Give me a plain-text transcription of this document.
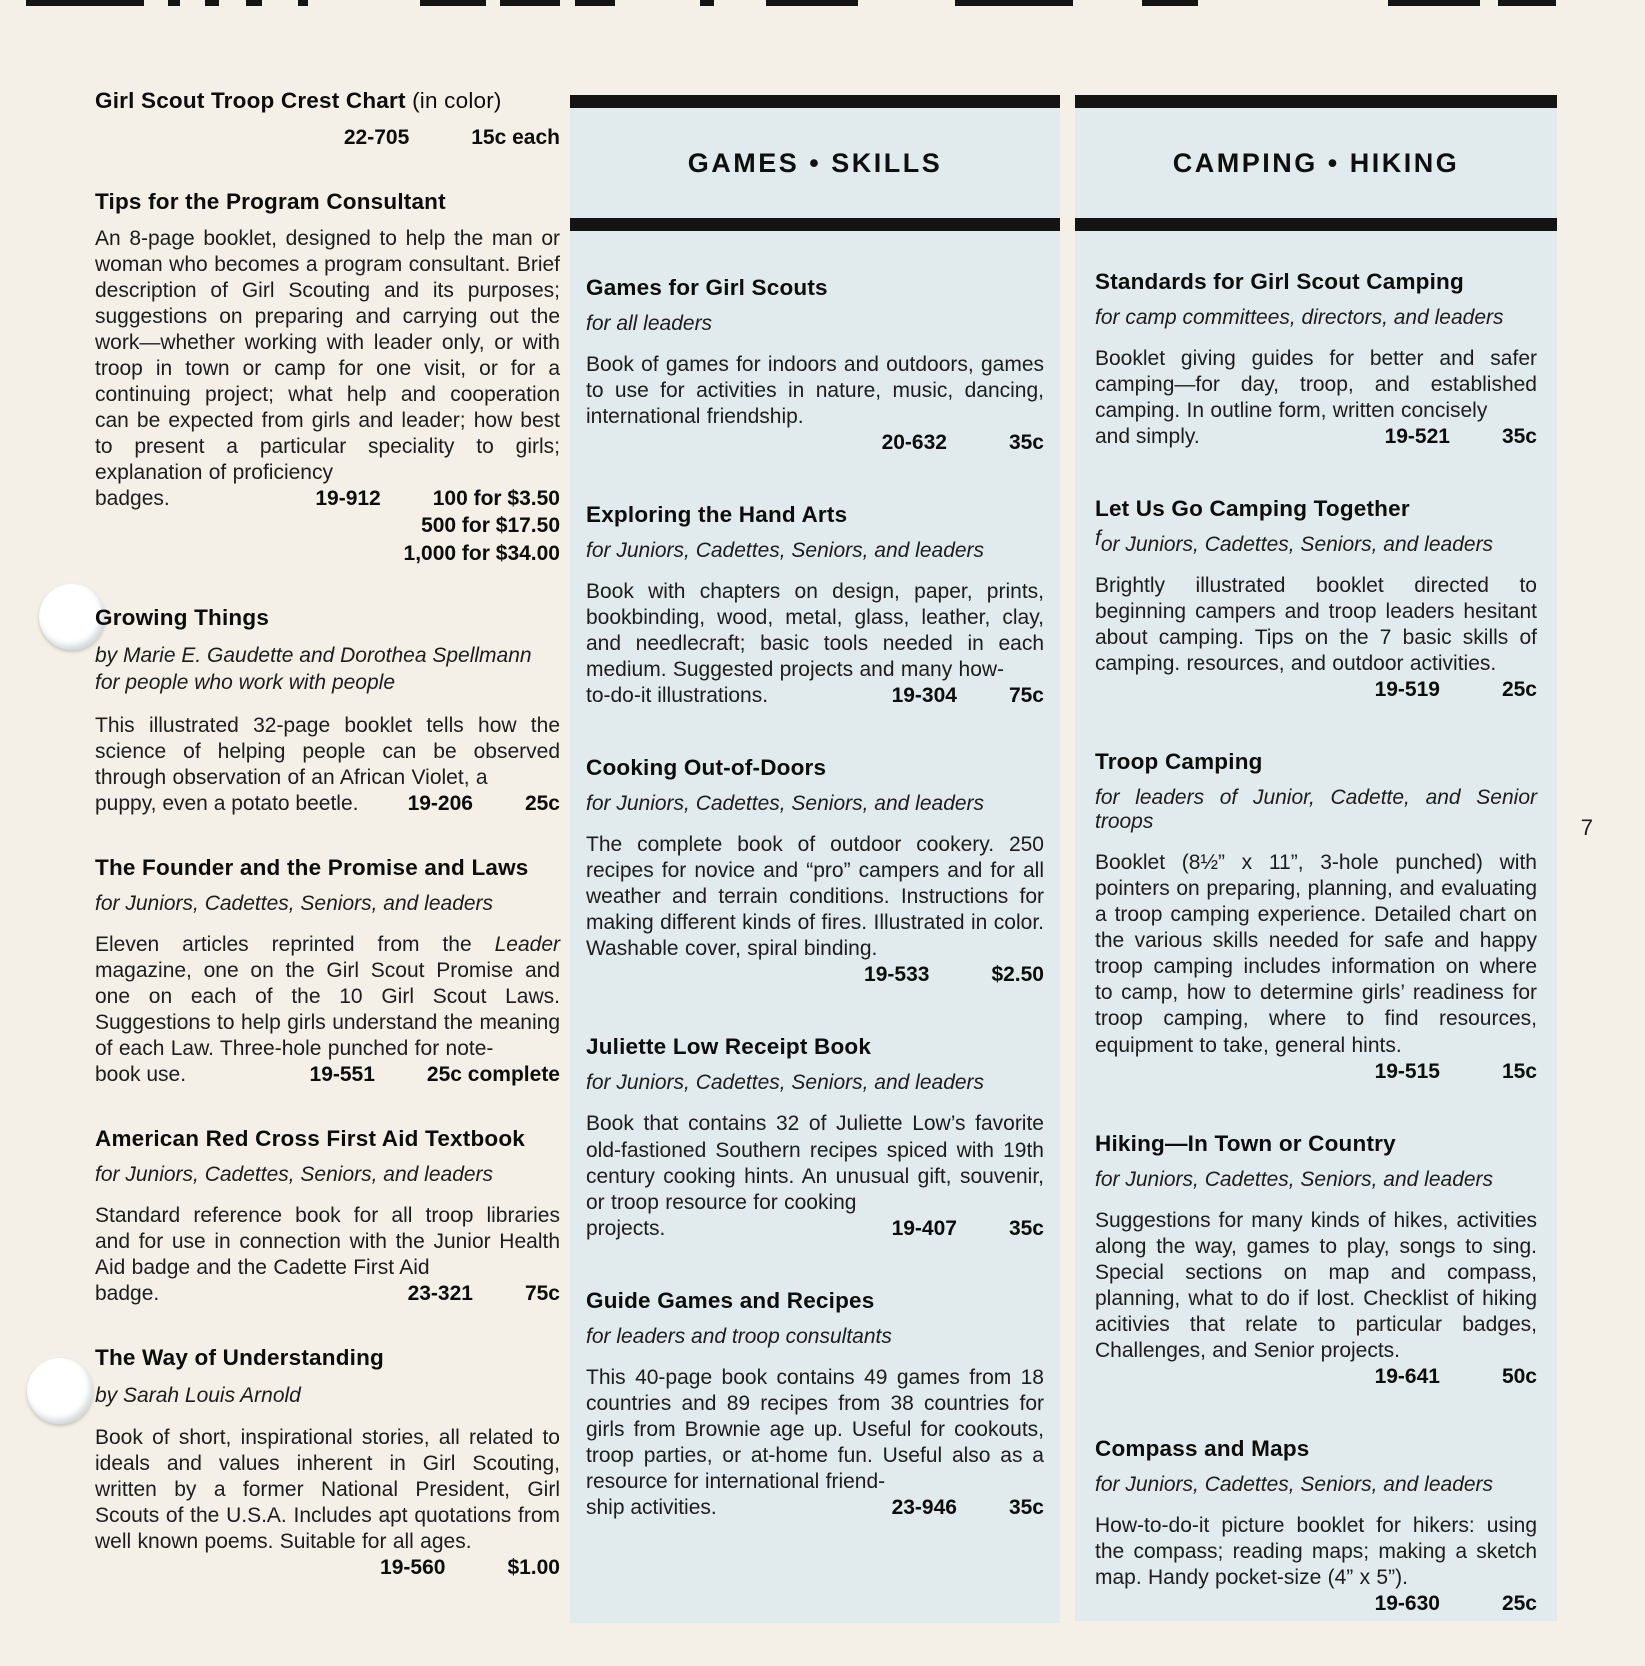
Girl Scout Troop Crest Chart (in color)
22-705	15c each
Tips for the Program Consultant

An 8-page booklet, designed to help the man or woman who becomes a program consultant. Brief description of Girl Scouting and its purposes; suggestions on preparing and carrying out the work—whether working with leader only, or with troop in town or camp for one visit, or for a continuing project; what help and cooperation can be expected from girls and leader; how best to present a particular speciality to girls; explanation of proficiency

badges.	19-912 100 for $3.50
500 for $17.50
1,000 for $34.00
Growing Things

by Marie E. Gaudette and Dorothea Spellmann

for people who work with people

This illustrated 32-page booklet tells how the science of helping people can be observed through observation of an African Violet, a

puppy, even a potato beetle. 19-206 25c
The Founder and the Promise and Laws

for Juniors, Cadettes, Seniors, and leaders

Eleven articles reprinted from the Leader magazine, one on the Girl Scout Promise and one on each of the 10 Girl Scout Laws. Suggestions to help girls understand the meaning of each Law. Three-hole punched for note-

book use.	19-551 25c complete
American Red Cross First Aid Textbook

for Juniors, Cadettes, Seniors, and leaders

Standard reference book for all troop libraries and for use in connection with the Junior Health Aid badge and the Cadette First Aid

badge.	23-321 75c
The Way of Understanding

by Sarah Louis Arnold

Book of short, inspirational stories, all related to ideals and values inherent in Girl Scouting, written by a former National President, Girl Scouts of the U.S.A. Includes apt quotations from well known poems. Suitable for all ages.

19-560	$1.00
GAMES • SKILLS
Games for Girl Scouts

for all leaders

Book of games for indoors and outdoors, games to use for activities in nature, music, dancing, international friendship.

20-632	35c
Exploring the Hand Arts

for Juniors, Cadettes, Seniors, and leaders

Book with chapters on design, paper, prints, bookbinding, wood, metal, glass, leather, clay, and needlecraft; basic tools needed in each medium. Suggested projects and many how-

to-do-it illustrations.	19-304 75c
Cooking Out-of-Doors

for Juniors, Cadettes, Seniors, and leaders

The complete book of outdoor cookery. 250 recipes for novice and “pro” campers and for all weather and terrain conditions. Instructions for making different kinds of fires. Illustrated in color. Washable cover, spiral binding.

19-533	$2.50
Juliette Low Receipt Book

for Juniors, Cadettes, Seniors, and leaders

Book that contains 32 of Juliette Low’s favorite old-fastioned Southern recipes spiced with 19th century cooking hints. An unusual gift, souvenir, or troop resource for cooking

projects.	19-407 35c
Guide Games and Recipes

for leaders and troop consultants

This 40-page book contains 49 games from 18 countries and 89 recipes from 38 countries for girls from Brownie age up. Useful for cookouts, troop parties, or at-home fun. Useful also as a resource for international friend-

ship activities.	23-946 35c
CAMPING • HIKING
Standards for Girl Scout Camping

for camp committees, directors, and leaders

Booklet giving guides for better and safer camping—for day, troop, and established camping. In outline form, written concisely

and simply.	19-521 35c
Let Us Go Camping Together

for Juniors, Cadettes, Seniors, and leaders

Brightly illustrated booklet directed to beginning campers and troop leaders hesitant about camping. Tips on the 7 basic skills of camping. resources, and outdoor activities.

19-519	25c
Troop Camping

for leaders of Junior, Cadette, and Senior troops

Booklet (8½” x 11”, 3-hole punched) with pointers on preparing, planning, and evaluating a troop camping experience. Detailed chart on the various skills needed for safe and happy troop camping includes information on where to camp, how to determine girls’ readiness for troop camping, where to find resources, equipment to take, general hints.

19-515	15c
Hiking—In Town or Country

for Juniors, Cadettes, Seniors, and leaders

Suggestions for many kinds of hikes, activities along the way, games to play, songs to sing. Special sections on map and compass, planning, what to do if lost. Checklist of hiking acitivies that relate to particular badges, Challenges, and Senior projects.

19-641	50c
Compass and Maps

for Juniors, Cadettes, Seniors, and leaders

How-to-do-it picture booklet for hikers: using the compass; reading maps; making a sketch map. Handy pocket-size (4” x 5”).

19-630	25c
7
